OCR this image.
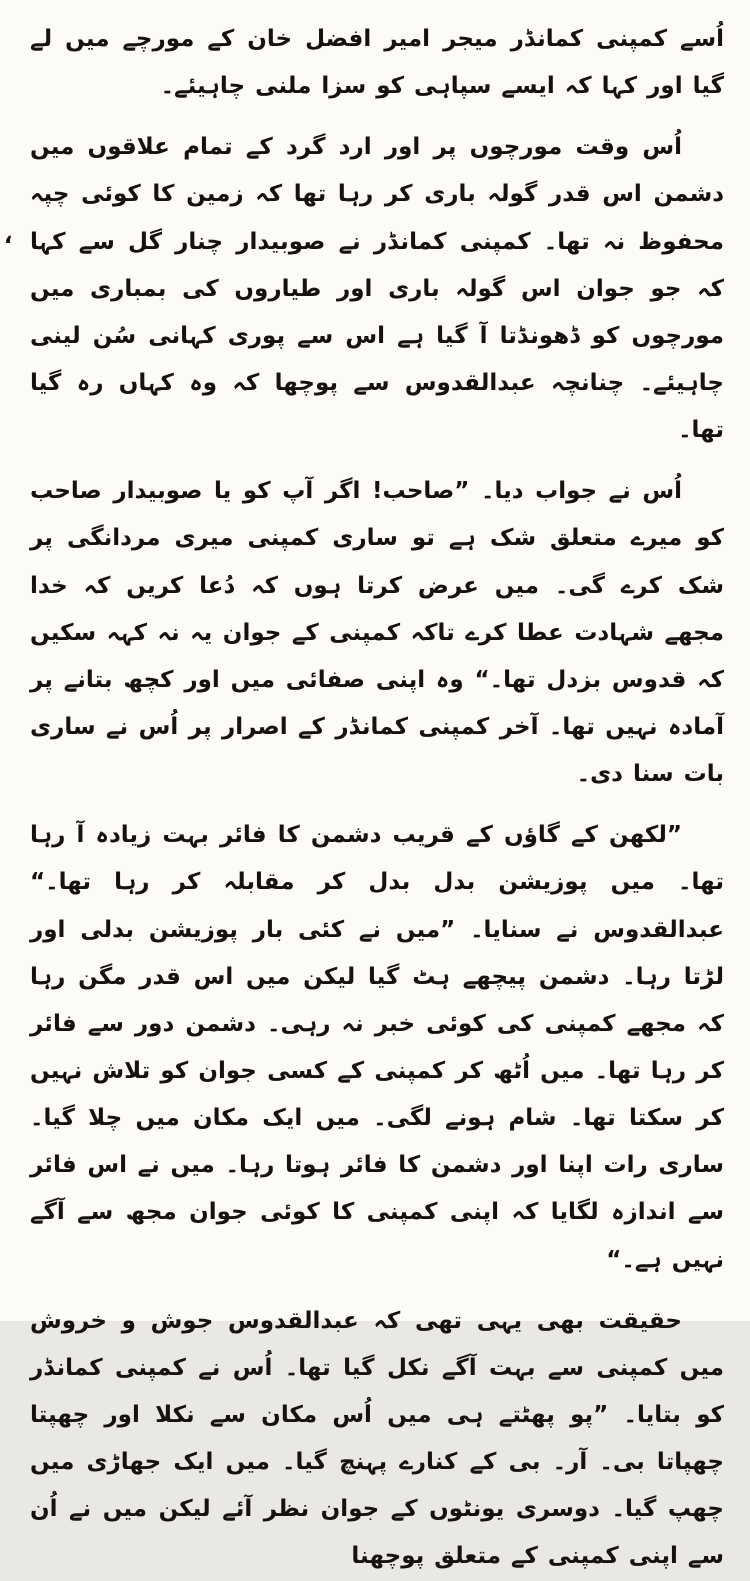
،

اُسے کمپنی کمانڈر میجر امیر افضل خان کے مورچے میں لے گیا اور کہا کہ ایسے سپاہی کو سزا ملنی چاہیئے۔

اُس وقت مورچوں پر اور ارد گرد کے تمام علاقوں میں دشمن اس قدر گولہ باری کر رہا تھا کہ زمین کا کوئی چپہ محفوظ نہ تھا۔ کمپنی کمانڈر نے صوبیدار چنار گل سے کہا کہ جو جوان اس گولہ باری اور طیاروں کی بمباری میں مورچوں کو ڈھونڈتا آ گیا ہے اس سے پوری کہانی سُن لینی چاہیئے۔ چنانچہ عبدالقدوس سے پوچھا کہ وہ کہاں رہ گیا تھا۔

اُس نے جواب دیا۔ ”صاحب! اگر آپ کو یا صوبیدار صاحب کو میرے متعلق شک ہے تو ساری کمپنی میری مردانگی پر شک کرے گی۔ میں عرض کرتا ہوں کہ دُعا کریں کہ خدا مجھے شہادت عطا کرے تاکہ کمپنی کے جوان یہ نہ کہہ سکیں کہ قدوس بزدل تھا۔“ وہ اپنی صفائی میں اور کچھ بتانے پر آمادہ نہیں تھا۔ آخر کمپنی کمانڈر کے اصرار پر اُس نے ساری بات سنا دی۔

”لکھن کے گاؤں کے قریب دشمن کا فائر بہت زیادہ آ رہا تھا۔ میں پوزیشن بدل بدل کر مقابلہ کر رہا تھا۔“ عبدالقدوس نے سنایا۔ ”میں نے کئی بار پوزیشن بدلی اور لڑتا رہا۔ دشمن پیچھے ہٹ گیا لیکن میں اس قدر مگن رہا کہ مجھے کمپنی کی کوئی خبر نہ رہی۔ دشمن دور سے فائر کر رہا تھا۔ میں اُٹھ کر کمپنی کے کسی جوان کو تلاش نہیں کر سکتا تھا۔ شام ہونے لگی۔ میں ایک مکان میں چلا گیا۔ ساری رات اپنا اور دشمن کا فائر ہوتا رہا۔ میں نے اس فائر سے اندازہ لگایا کہ اپنی کمپنی کا کوئی جوان مجھ سے آگے نہیں ہے۔“

حقیقت بھی یہی تھی کہ عبدالقدوس جوش و خروش میں کمپنی سے بہت آگے نکل گیا تھا۔ اُس نے کمپنی کمانڈر کو بتایا۔ ”پو پھٹتے ہی میں اُس مکان سے نکلا اور چھپتا چھپاتا بی۔ آر۔ بی کے کنارے پہنچ گیا۔ میں ایک جھاڑی میں چھپ گیا۔ دوسری یونٹوں کے جوان نظر آئے لیکن میں نے اُن سے اپنی کمپنی کے متعلق پوچھنا
